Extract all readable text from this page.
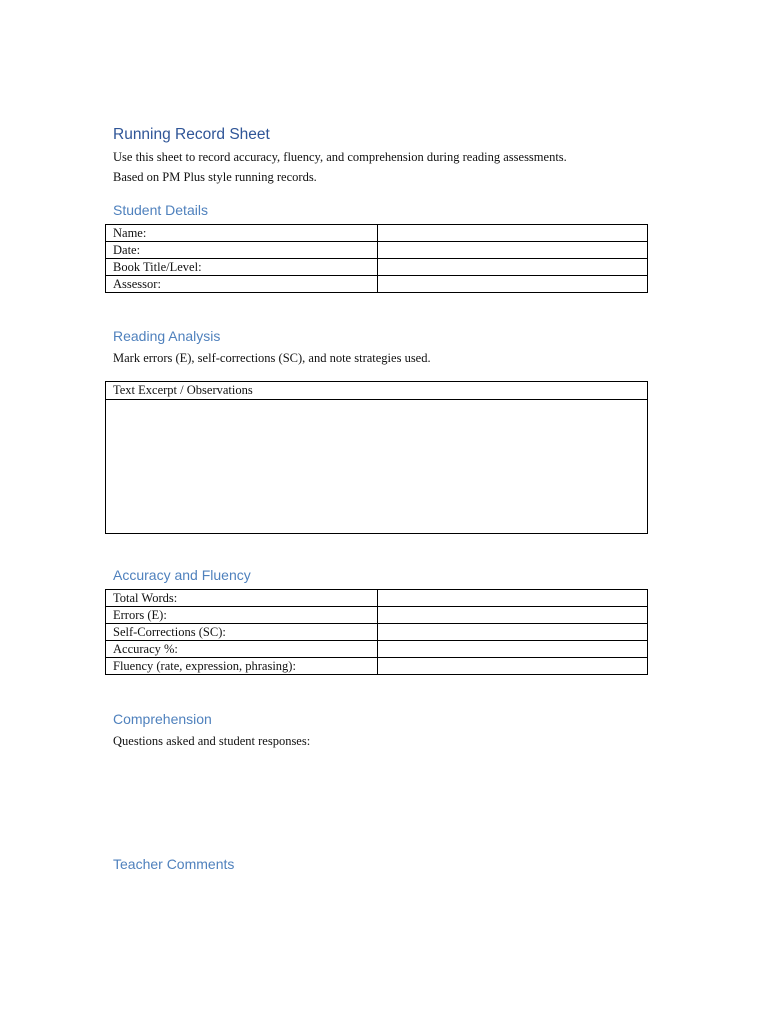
Running Record Sheet

Use this sheet to record accuracy, fluency, and comprehension during reading assessments.

Based on PM Plus style running records.

Student Details
Name:	
Date:	
Book Title/Level:	
Assessor:	
Reading Analysis

Mark errors (E), self-corrections (SC), and note strategies used.

Text Excerpt / Observations
Accuracy and Fluency
Total Words:	
Errors (E):	
Self-Corrections (SC):	
Accuracy %:	
Fluency (rate, expression, phrasing):	
Comprehension

Questions asked and student responses:

Teacher Comments
